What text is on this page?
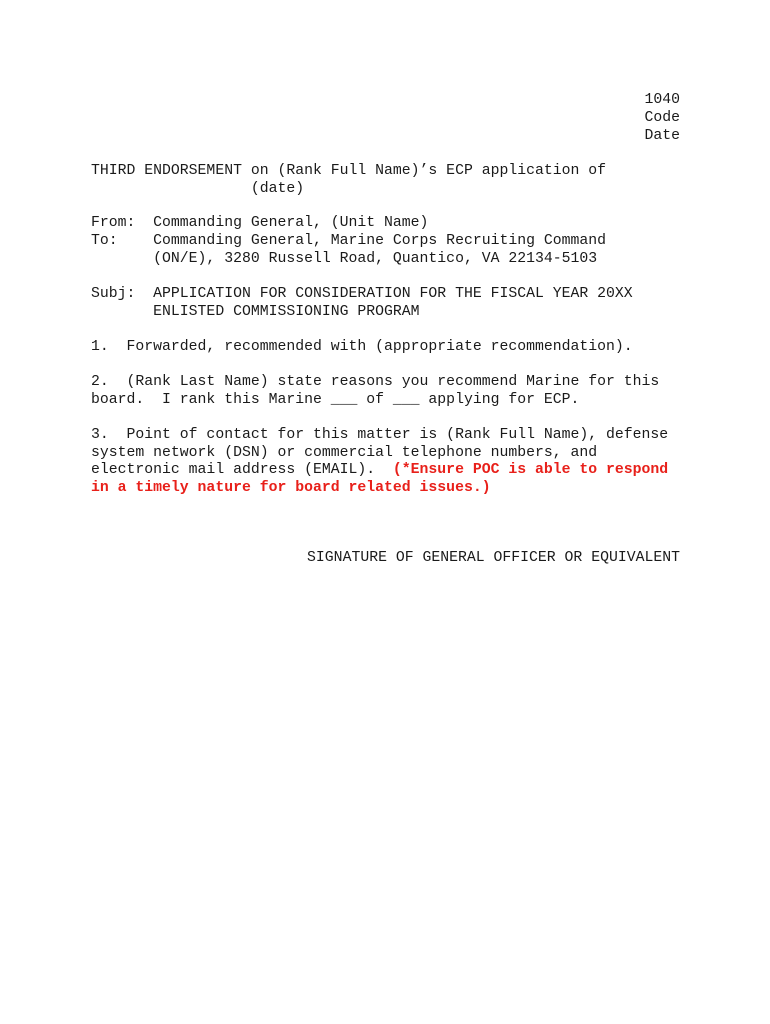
1040
Code
Date
THIRD ENDORSEMENT on (Rank Full Name)’s ECP application of
(date)
From:  Commanding General, (Unit Name)
To:    Commanding General, Marine Corps Recruiting Command
(ON/E), 3280 Russell Road, Quantico, VA 22134-5103
Subj:  APPLICATION FOR CONSIDERATION FOR THE FISCAL YEAR 20XX
ENLISTED COMMISSIONING PROGRAM
1.  Forwarded, recommended with (appropriate recommendation).
2.  (Rank Last Name) state reasons you recommend Marine for this
board.  I rank this Marine ___ of ___ applying for ECP.
3.  Point of contact for this matter is (Rank Full Name), defense
system network (DSN) or commercial telephone numbers, and
electronic mail address (EMAIL).  (*Ensure POC is able to respond
in a timely nature for board related issues.)
SIGNATURE OF GENERAL OFFICER OR EQUIVALENT
